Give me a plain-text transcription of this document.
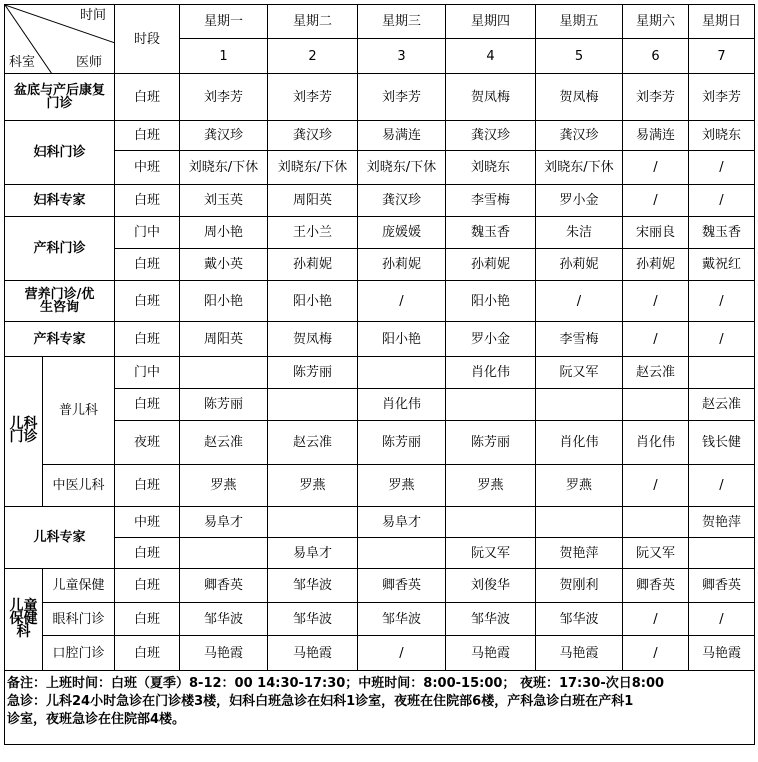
时间
科室 医师		时段	星期一	星期二	星期三	星期四	星期五	星期六	星期日
			1	2	3	4	5	6	7
盆底与产后康复门诊		白班	刘李芳	刘李芳	刘李芳	贺凤梅	贺凤梅	刘李芳	刘李芳
妇科门诊		白班	龚汉珍	龚汉珍	易满连	龚汉珍	龚汉珍	易满连	刘晓东
		中班	刘晓东/下休	刘晓东/下休	刘晓东/下休	刘晓东	刘晓东/下休	/	/
妇科专家		白班	刘玉英	周阳英	龚汉珍	李雪梅	罗小金	/	/
产科门诊		门中	周小艳	王小兰	庞媛媛	魏玉香	朱洁	宋丽良	魏玉香
		白班	戴小英	孙莉妮	孙莉妮	孙莉妮	孙莉妮	孙莉妮	戴祝红
营养门诊/优生咨询		白班	阳小艳	阳小艳	/	阳小艳	/	/	/
产科专家		白班	周阳英	贺凤梅	阳小艳	罗小金	李雪梅	/	/
儿科门诊	普儿科	门中		陈芳丽		肖化伟	阮又军	赵云准	
		白班	陈芳丽		肖化伟				赵云准
		夜班	赵云准	赵云准	陈芳丽	陈芳丽	肖化伟	肖化伟	钱长健
	中医儿科	白班	罗燕	罗燕	罗燕	罗燕	罗燕	/	/
儿科专家		中班	易阜才		易阜才				贺艳萍
		白班		易阜才		阮又军	贺艳萍	阮又军	
儿童保健科	儿童保健	白班	卿香英	邹华波	卿香英	刘俊华	贺刚利	卿香英	卿香英
	眼科门诊	白班	邹华波	邹华波	邹华波	邹华波	邹华波	/	/
	口腔门诊	白班	马艳霞	马艳霞	/	马艳霞	马艳霞	/	马艳霞

备注：上班时间：白班（夏季）8-12：00 14:30-17:30；中班时间：8:00-15:00； 夜班：17:30-次日8:00
急诊：儿科24小时急诊在门诊楼3楼，妇科白班急诊在妇科1诊室，夜班在住院部6楼，产科急诊白班在产科1
诊室，夜班急诊在住院部4楼。									
